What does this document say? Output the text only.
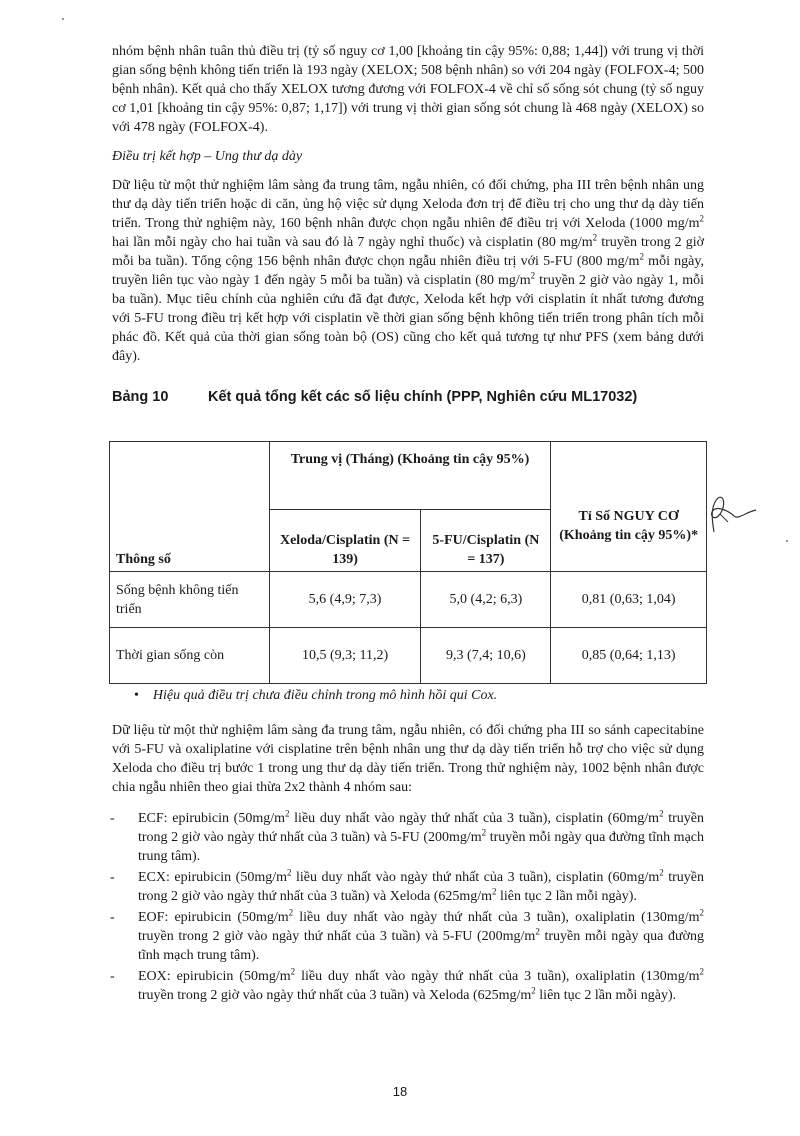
nhóm bệnh nhân tuân thủ điều trị (tỷ số nguy cơ 1,00 [khoảng tin cậy 95%: 0,88; 1,44]) với trung vị thời gian sống bệnh không tiến triển là 193 ngày (XELOX; 508 bệnh nhân) so với 204 ngày (FOLFOX-4; 500 bệnh nhân). Kết quả cho thấy XELOX tương đương với FOLFOX-4 về chỉ số sống sót chung (tỷ số nguy cơ 1,01 [khoảng tin cậy 95%: 0,87; 1,17]) với trung vị thời gian sống sót chung là 468 ngày (XELOX) so với 478 ngày (FOLFOX-4).

Điều trị kết hợp – Ung thư dạ dày

Dữ liệu từ một thử nghiệm lâm sàng đa trung tâm, ngẫu nhiên, có đối chứng, pha III trên bệnh nhân ung thư dạ dày tiến triển hoặc di căn, ủng hộ việc sử dụng Xeloda đơn trị để điều trị cho ung thư dạ dày tiến triển. Trong thử nghiệm này, 160 bệnh nhân được chọn ngẫu nhiên để điều trị với Xeloda (1000 $mg/m^2$ hai lần mỗi ngày cho hai tuần và sau đó là 7 ngày nghỉ thuốc) và cisplatin (80 $mg/m^2$ truyền trong 2 giờ mỗi ba tuần). Tổng cộng 156 bệnh nhân được chọn ngẫu nhiên điều trị với 5-FU (800 $mg/m^2$ mỗi ngày, truyền liên tục vào ngày 1 đến ngày 5 mỗi ba tuần) và cisplatin (80 $mg/m^2$ truyền 2 giờ vào ngày 1, mỗi ba tuần). Mục tiêu chính của nghiên cứu đã đạt được, Xeloda kết hợp với cisplatin ít nhất tương đương với 5-FU trong điều trị kết hợp với cisplatin về thời gian sống bệnh không tiến triển trong phân tích mỗi phác đồ. Kết quả của thời gian sống toàn bộ (OS) cũng cho kết quả tương tự như PFS (xem bảng dưới đây).

Bảng 10	Kết quả tổng kết các số liệu chính (PPP, Nghiên cứu ML17032)
Thông số	Trung vị (Tháng) (Khoảng tin cậy 95%)		Tỉ Số NGUY CƠ (Khoảng tin cậy 95%)*
	Xeloda/Cisplatin (N = 139)	5-FU/Cisplatin (N = 137)	
Sống bệnh không tiến triển	5,6 (4,9; 7,3)	5,0 (4,2; 6,3)	0,81 (0,63; 1,04)
Thời gian sống còn	10,5 (9,3; 11,2)	9,3 (7,4; 10,6)	0,85 (0,64; 1,13)
• Hiệu quả điều trị chưa điều chỉnh trong mô hình hồi qui Cox.

Dữ liệu từ một thử nghiệm lâm sàng đa trung tâm, ngẫu nhiên, có đối chứng pha III so sánh capecitabine với 5-FU và oxaliplatine với cisplatine trên bệnh nhân ung thư dạ dày tiến triển hỗ trợ cho việc sử dụng Xeloda cho điều trị bước 1 trong ung thư dạ dày tiến triển. Trong thử nghiệm này, 1002 bệnh nhân được chia ngẫu nhiên theo giai thừa 2x2 thành 4 nhóm sau:

-	ECF: epirubicin ($50mg/m^2$ liều duy nhất vào ngày thứ nhất của 3 tuần), cisplatin ($60mg/m^2$ truyền trong 2 giờ vào ngày thứ nhất của 3 tuần) và 5-FU ($200mg/m^2$ truyền mỗi ngày qua đường tĩnh mạch trung tâm).
-	ECX: epirubicin ($50mg/m^2$ liều duy nhất vào ngày thứ nhất của 3 tuần), cisplatin ($60mg/m^2$ truyền trong 2 giờ vào ngày thứ nhất của 3 tuần) và Xeloda ($625mg/m^2$ liên tục 2 lần mỗi ngày).
-	EOF: epirubicin ($50mg/m^2$ liều duy nhất vào ngày thứ nhất của 3 tuần), oxaliplatin ($130mg/m^2$ truyền trong 2 giờ vào ngày thứ nhất của 3 tuần) và 5-FU ($200mg/m^2$ truyền mỗi ngày qua đường tĩnh mạch trung tâm).
-	EOX: epirubicin ($50mg/m^2$ liều duy nhất vào ngày thứ nhất của 3 tuần), oxaliplatin ($130mg/m^2$ truyền trong 2 giờ vào ngày thứ nhất của 3 tuần) và Xeloda ($625mg/m^2$ liên tục 2 lần mỗi ngày).
18
